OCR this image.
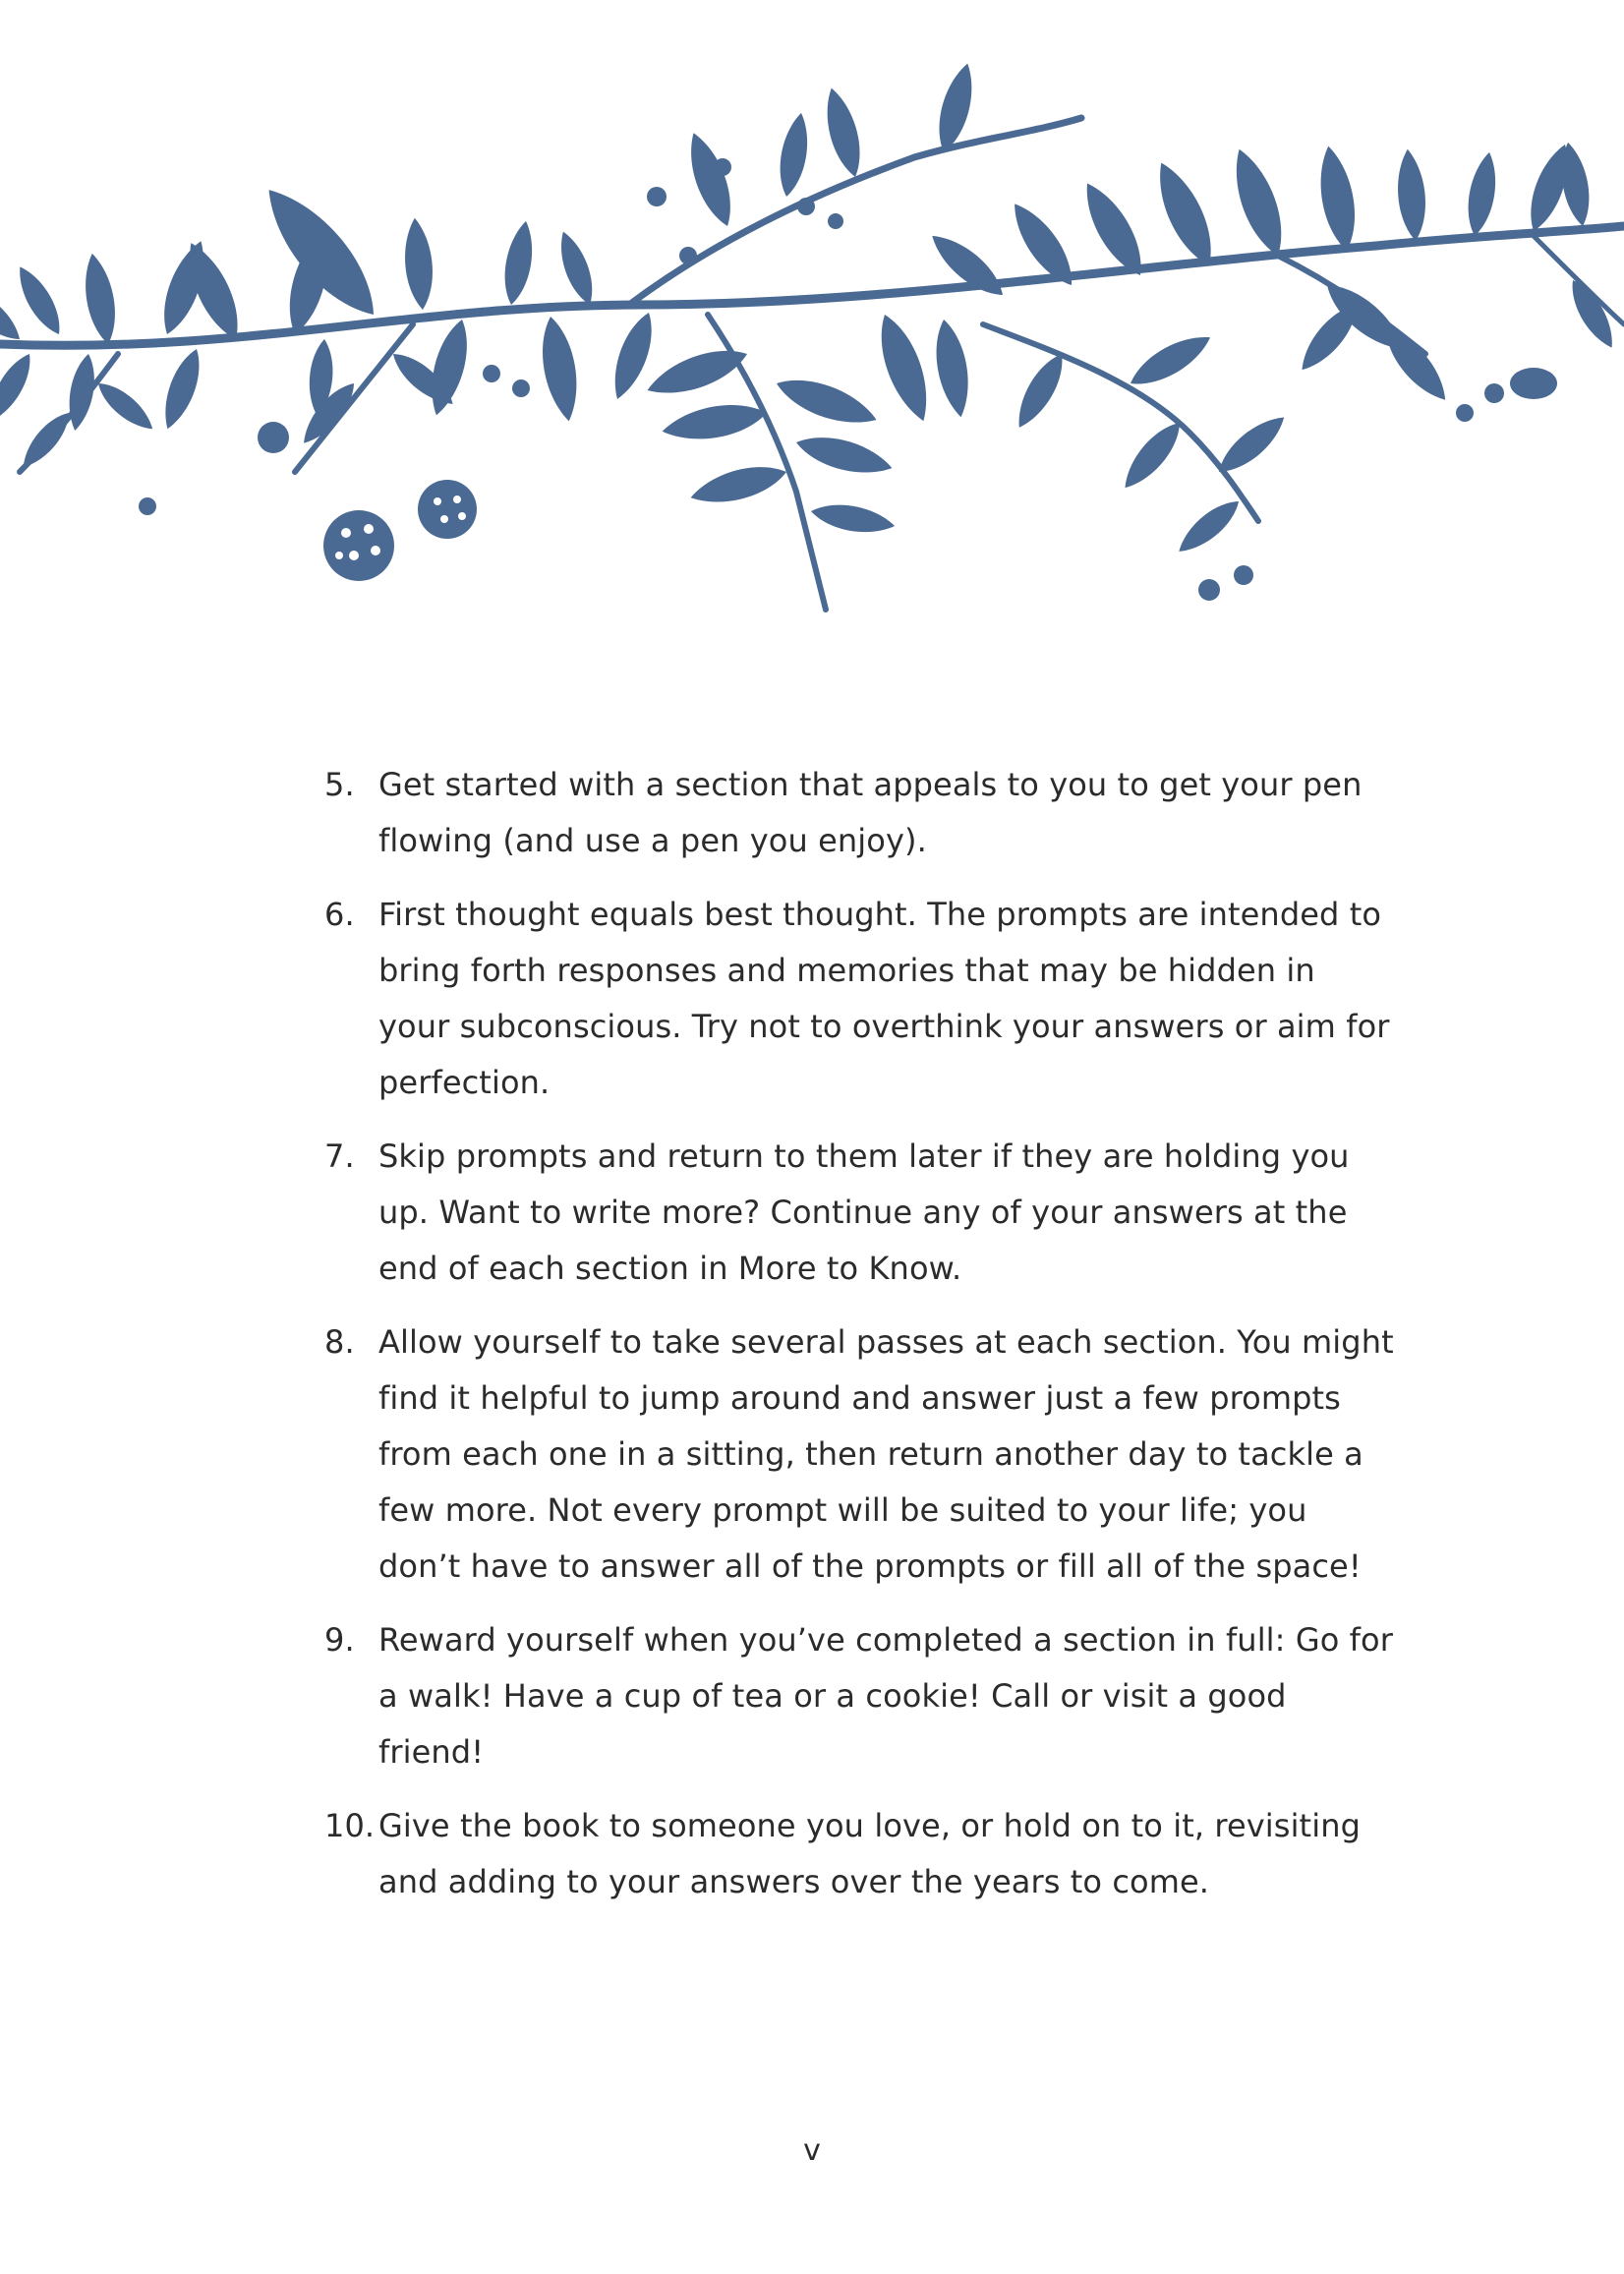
5. Get started with a section that appeals to you to get your pen flowing (and use a pen you enjoy).
6. First thought equals best thought. The prompts are intended to bring forth responses and memories that may be hidden in your subconscious. Try not to overthink your answers or aim for perfection.
7. Skip prompts and return to them later if they are holding you up. Want to write more? Continue any of your answers at the end of each section in More to Know.
8. Allow yourself to take several passes at each section. You might find it helpful to jump around and answer just a few prompts from each one in a sitting, then return another day to tackle a few more. Not every prompt will be suited to your life; you don’t have to answer all of the prompts or fill all of the space!
9. Reward yourself when you’ve completed a section in full: Go for a walk! Have a cup of tea or a cookie! Call or visit a good friend!
10. Give the book to someone you love, or hold on to it, revisiting and adding to your answers over the years to come.
v
